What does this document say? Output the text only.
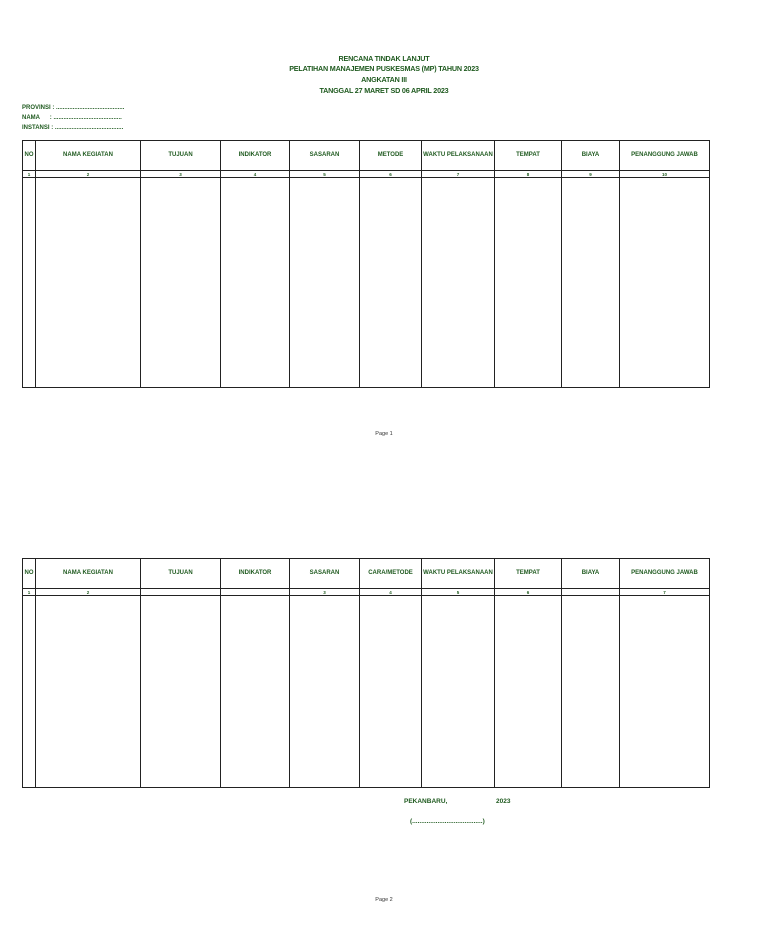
RENCANA TINDAK LANJUT
PELATIHAN MANAJEMEN PUSKESMAS (MP) TAHUN 2023
ANGKATAN III
TANGGAL 27 MARET SD 06 APRIL 2023
PROVINSI : .........................................
NAMA      : .........................................
INSTANSI : .........................................
NO	NAMA KEGIATAN	TUJUAN	INDIKATOR	SASARAN	METODE	WAKTU PELAKSANAAN	TEMPAT	BIAYA	PENANGGUNG JAWAB
1	2	3	4	5	6	7	8	9	10

Page 1
NO	NAMA KEGIATAN	TUJUAN	INDIKATOR	SASARAN	CARA/METODE	WAKTU PELAKSANAAN	TEMPAT	BIAYA	PENANGGUNG JAWAB
1	2			3	4	5	6		7

PEKANBARU,	2023
(.......................................)
Page 2
